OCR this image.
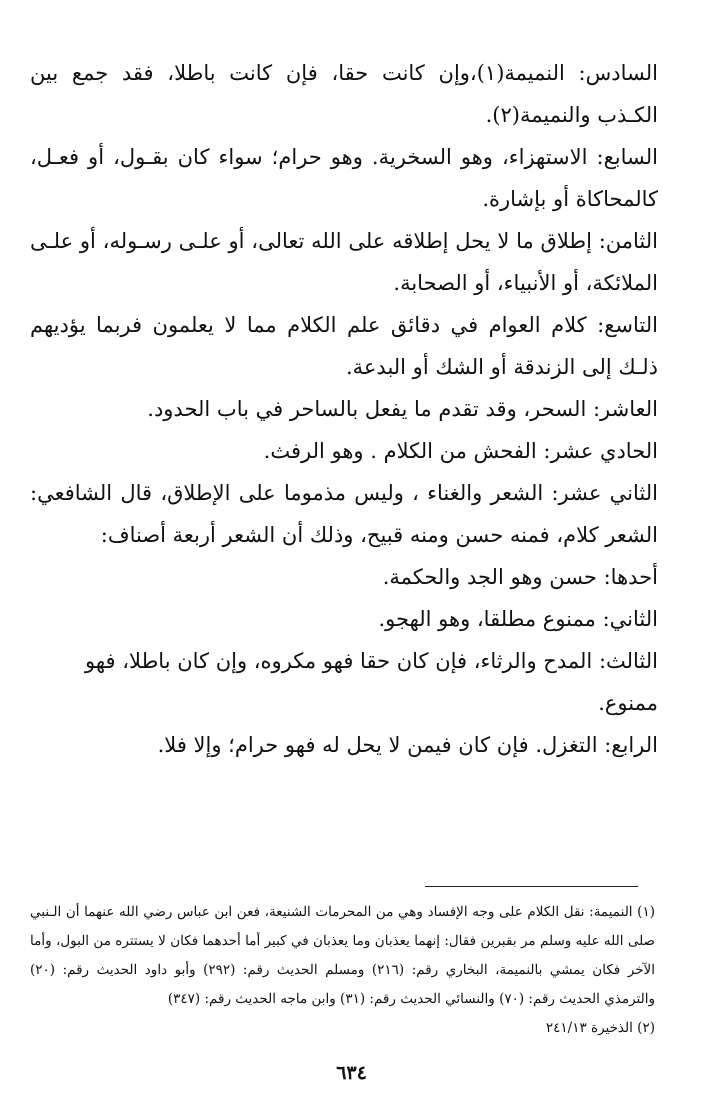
السادس: النميمة(١)،وإن كانت حقا، فإن كانت باطلا، فقد جمع بين الكـذب والنميمة(٢).

السابع: الاستهزاء، وهو السخرية. وهو حرام؛ سواء كان بقـول، أو فعـل، كالمحاكاة أو بإشارة.

الثامن: إطلاق ما لا يحل إطلاقه على الله تعالى، أو علـى رسـوله، أو علـى الملائكة، أو الأنبياء، أو الصحابة.

التاسع: كلام العوام في دقائق علم الكلام مما لا يعلمون فربما يؤديهم ذلـك إلى الزندقة أو الشك أو البدعة.

العاشر: السحر، وقد تقدم ما يفعل بالساحر في باب الحدود.

الحادي عشر: الفحش من الكلام . وهو الرفث.

الثاني عشر: الشعر والغناء ، وليس مذموما على الإطلاق، قال الشافعي: الشعر كلام، فمنه حسن ومنه قبيح، وذلك أن الشعر أربعة أصناف:

أحدها: حسن وهو الجد والحكمة.

الثاني: ممنوع مطلقا، وهو الهجو.

الثالث: المدح والرثاء، فإن كان حقا فهو مكروه، وإن كان باطلا، فهو ممنوع.

الرابع: التغزل. فإن كان فيمن لا يحل له فهو حرام؛ وإلا فلا.

(١) النميمة: نقل الكلام على وجه الإفساد وهي من المحرمات الشنيعة، فعن ابن عباس رضي الله عنهما أن الـنبي صلى الله عليه وسلم مر بقبرين فقال: إنهما يعذبان وما يعذبان في كبير أما أحدهما فكان لا يستتره من البول، وأما الآخر فكان يمشي بالنميمة، البخاري رقم: (٢١٦) ومسلم الحديث رقم: (٢٩٢) وأبو داود الحديث رقم: (٢٠) والترمذي الحديث رقم: (٧٠) والنسائي الحديث رقم: (٣١) وابن ماجه الحديث رقم: (٣٤٧)

(٢) الذخيرة ٢٤١/١٣

٦٣٤
